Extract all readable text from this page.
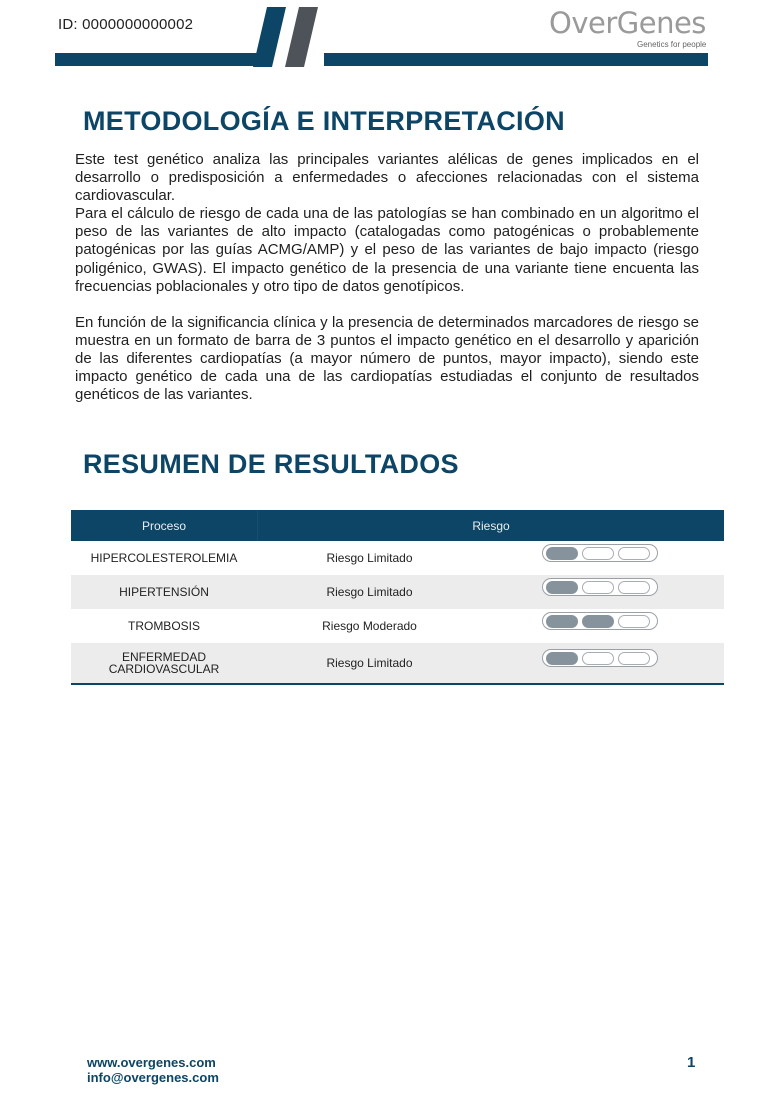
ID: 0000000000002	OverGenes
Genetics for people
METODOLOGÍA E INTERPRETACIÓN

Este test genético analiza las principales variantes alélicas de genes implicados en el desarrollo o predisposición a enfermedades o afecciones relacionadas con el sistema cardiovascular.

Para el cálculo de riesgo de cada una de las patologías se han combinado en un algoritmo el peso de las variantes de alto impacto (catalogadas como patogénicas o probablemente patogénicas por las guías ACMG/AMP) y el peso de las variantes de bajo impacto (riesgo poligénico, GWAS). El impacto genético de la presencia de una variante tiene encuenta las frecuencias poblacionales y otro tipo de datos genotípicos.

En función de la significancia clínica y la presencia de determinados marcadores de riesgo se muestra en un formato de barra de 3 puntos el impacto genético en el desarrollo y aparición de las diferentes cardiopatías (a mayor número de puntos, mayor impacto), siendo este impacto genético de cada una de las cardiopatías estudiadas el conjunto de resultados genéticos de las variantes.

RESUMEN DE RESULTADOS
Proceso	Riesgo
HIPERCOLESTEROLEMIA	Riesgo Limitado
HIPERTENSIÓN	Riesgo Limitado
TROMBOSIS	Riesgo Moderado
ENFERMEDAD CARDIOVASCULAR	Riesgo Limitado
www.overgenes.com
info@overgenes.com
1
